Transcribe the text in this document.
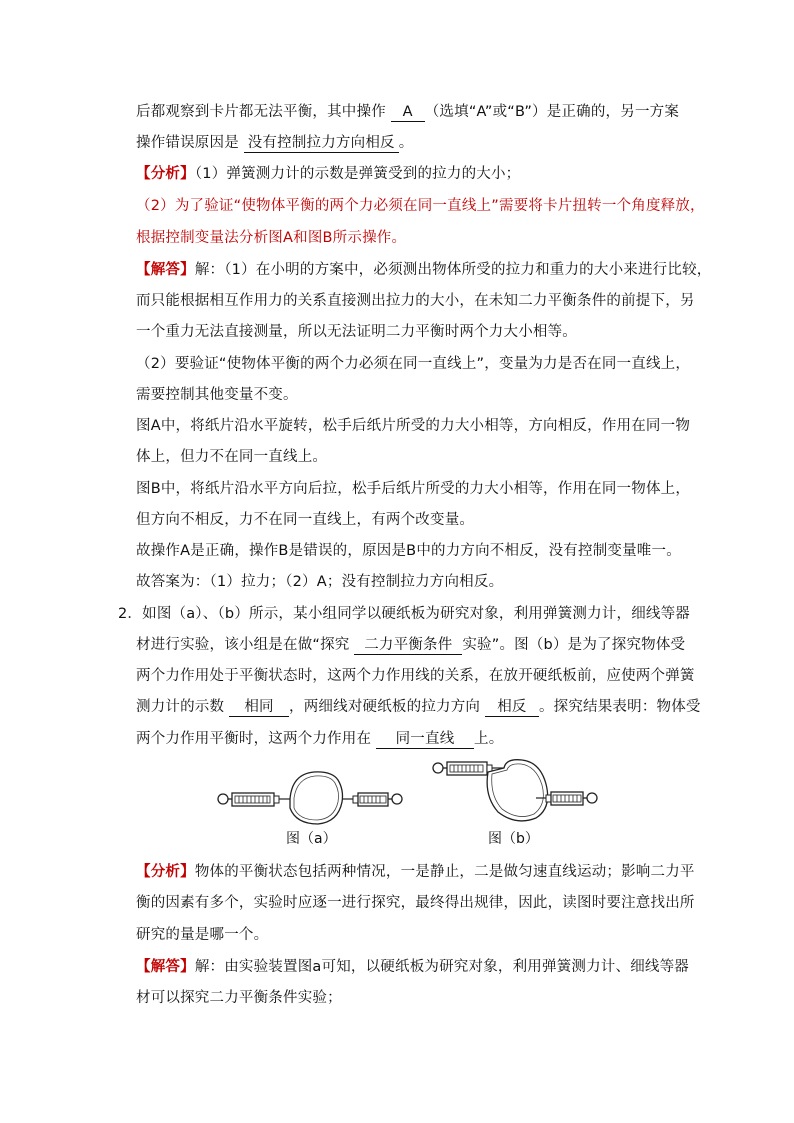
后都观察到卡片都无法平衡，其中操作 A （选填“A”或“B”）是正确的，另一方案
操作错误原因是 没有控制拉力方向相反 。
【分析】（1）弹簧测力计的示数是弹簧受到的拉力的大小；
（2）为了验证“使物体平衡的两个力必须在同一直线上”需要将卡片扭转一个角度释放，
根据控制变量法分析图A和图B所示操作。
【解答】解：（1）在小明的方案中，必须测出物体所受的拉力和重力的大小来进行比较，
而只能根据相互作用力的关系直接测出拉力的大小，在未知二力平衡条件的前提下，另
一个重力无法直接测量，所以无法证明二力平衡时两个力大小相等。
（2）要验证“使物体平衡的两个力必须在同一直线上”，变量为力是否在同一直线上，
需要控制其他变量不变。
图A中，将纸片沿水平旋转，松手后纸片所受的力大小相等，方向相反，作用在同一物
体上，但力不在同一直线上。
图B中，将纸片沿水平方向后拉，松手后纸片所受的力大小相等，作用在同一物体上，
但方向不相反，力不在同一直线上，有两个改变量。
故操作A是正确，操作B是错误的，原因是B中的力方向不相反，没有控制变量唯一。
故答案为：（1）拉力；（2）A；没有控制拉力方向相反。
2．如图（a）、（b）所示，某小组同学以硬纸板为研究对象，利用弹簧测力计，细线等器
材进行实验，该小组是在做“探究 二力平衡条件 实验”。图（b）是为了探究物体受
两个力作用处于平衡状态时，这两个力作用线的关系，在放开硬纸板前，应使两个弹簧
测力计的示数 相同 ，两细线对硬纸板的拉力方向 相反 。探究结果表明：物体受
两个力作用平衡时，这两个力作用在 同一直线 上。
图（a）	图（b）
【分析】物体的平衡状态包括两种情况，一是静止，二是做匀速直线运动；影响二力平
衡的因素有多个，实验时应逐一进行探究，最终得出规律，因此，读图时要注意找出所
研究的量是哪一个。
【解答】解：由实验装置图a可知，以硬纸板为研究对象，利用弹簧测力计、细线等器
材可以探究二力平衡条件实验；
